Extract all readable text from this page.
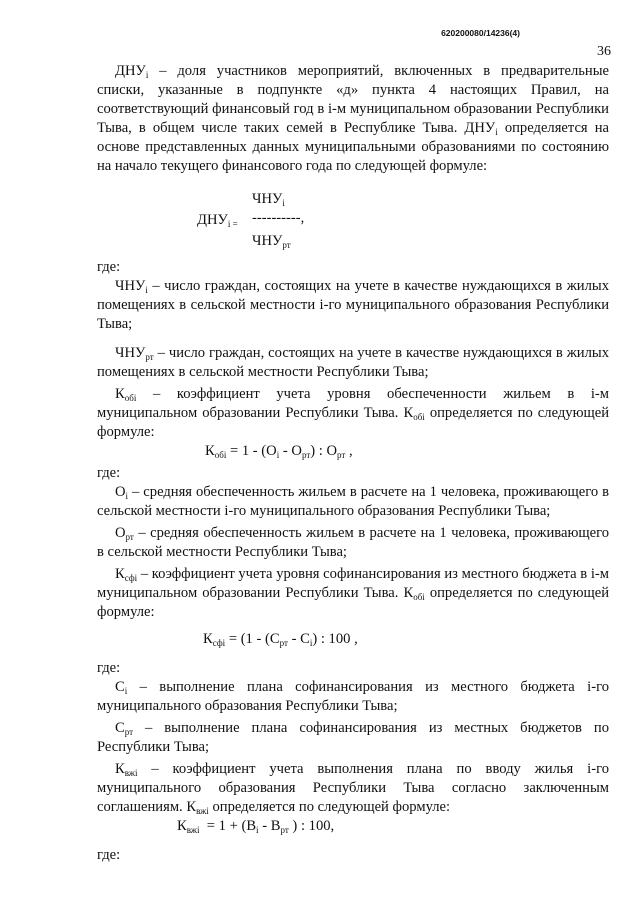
620200080/14236(4)
36

$ДНУ_i$ – доля участников мероприятий, включенных в предварительные списки, указанные в подпункте «д» пункта 4 настоящих Правил, на соответствующий финансовый год в i-м муниципальном образовании Республики Тыва, в общем числе таких семей в Республике Тыва. $ДНУ_i$ определяется на основе представленных данных муниципальными образованиями по состоянию на начало текущего финансового года по следующей формуле:

$ЧНУ_i$
$ДНУ_{i =}$ ----------,
$ЧНУ_{рт}$

где:

$ЧНУ_i$ – число граждан, состоящих на учете в качестве нуждающихся в жилых помещениях в сельской местности i-го муниципального образования Республики Тыва;

$ЧНУ_{рт}$ – число граждан, состоящих на учете в качестве нуждающихся в жилых помещениях в сельской местности Республики Тыва;

$К_{обi}$ – коэффициент учета уровня обеспеченности жильем в i-м муниципальном образовании Республики Тыва. $К_{обi}$ определяется по следующей формуле:

$К_{обi} = 1 - (О_i - О_{рт})$ : $О_{рт}$ ,

где:

$О_i$ – средняя обеспеченность жильем в расчете на 1 человека, проживающего в сельской местности i-го муниципального образования Республики Тыва;

$О_{рт}$ – средняя обеспеченность жильем в расчете на 1 человека, проживающего в сельской местности Республики Тыва;

$К_{сфi}$ – коэффициент учета уровня софинансирования из местного бюджета в i-м муниципальном образовании Республики Тыва. $К_{обi}$ определяется по следующей формуле:

$К_{сфi} = (1 - (С_{рт} - С_i)$ : 100 ,

где:

$С_i$ – выполнение плана софинансирования из местного бюджета i-го муниципального образования Республики Тыва;

$С_{рт}$ – выполнение плана софинансирования из местных бюджетов по Республики Тыва;

$К_{вжi}$ – коэффициент учета выполнения плана по вводу жилья i-го муниципального образования Республики Тыва согласно заключенным соглашениям. $К_{вжi}$ определяется по следующей формуле:

$К_{вжi} = 1 + (В_i - В_{рт}$ ) : 100,

где:
